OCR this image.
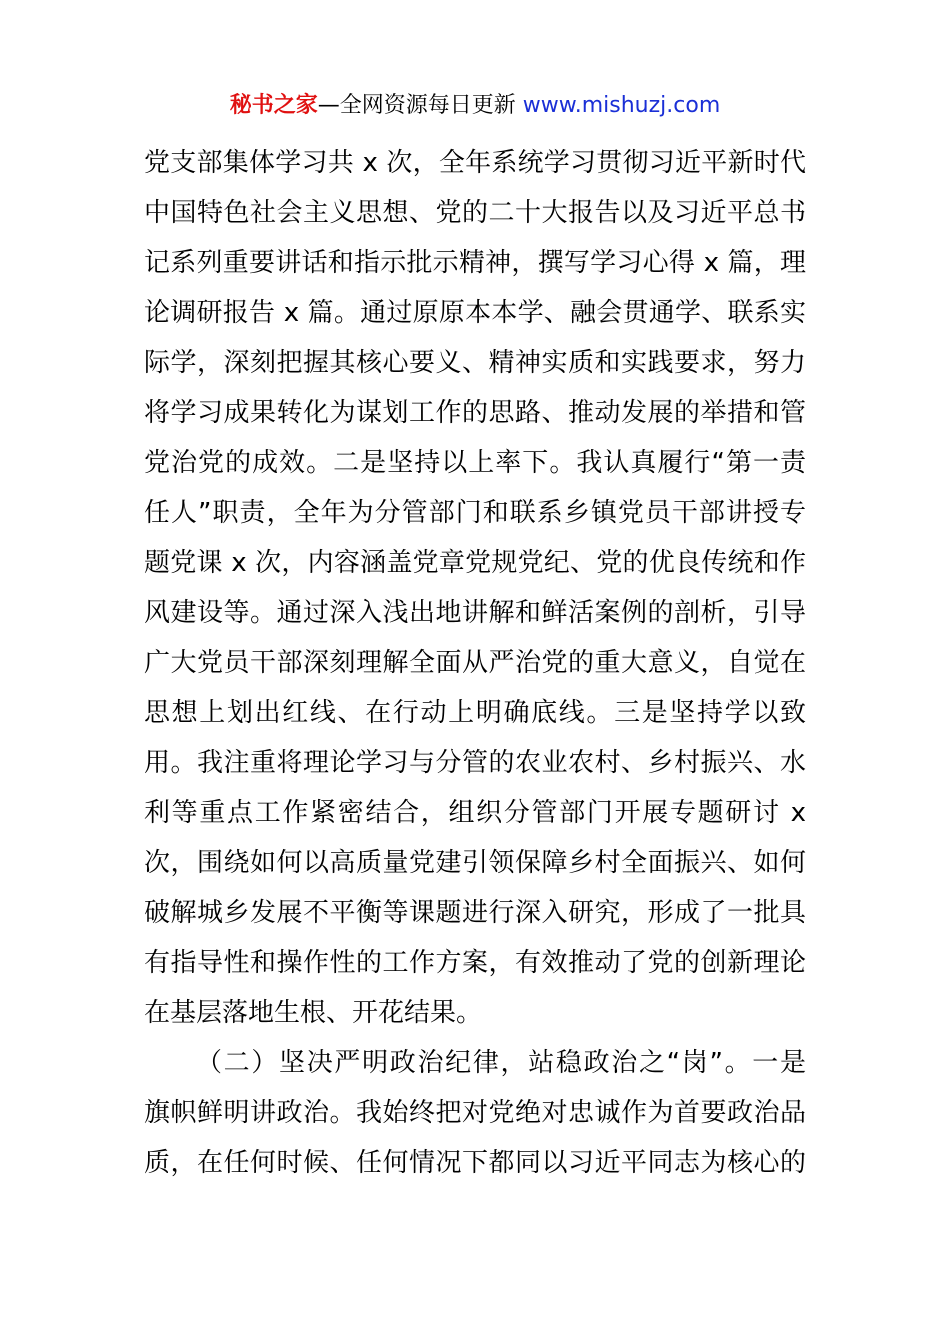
秘书之家—全网资源每日更新 www.mishuzj.com
党支部集体学习共 x 次，全年系统学习贯彻习近平新时代
中国特色社会主义思想、党的二十大报告以及习近平总书
记系列重要讲话和指示批示精神，撰写学习心得 x 篇，理
论调研报告 x 篇。通过原原本本学、融会贯通学、联系实
际学，深刻把握其核心要义、精神实质和实践要求，努力
将学习成果转化为谋划工作的思路、推动发展的举措和管
党治党的成效。二是坚持以上率下。我认真履行“第一责
任人”职责，全年为分管部门和联系乡镇党员干部讲授专
题党课 x 次，内容涵盖党章党规党纪、党的优良传统和作
风建设等。通过深入浅出地讲解和鲜活案例的剖析，引导
广大党员干部深刻理解全面从严治党的重大意义，自觉在
思想上划出红线、在行动上明确底线。三是坚持学以致
用。我注重将理论学习与分管的农业农村、乡村振兴、水
利等重点工作紧密结合，组织分管部门开展专题研讨 x
次，围绕如何以高质量党建引领保障乡村全面振兴、如何
破解城乡发展不平衡等课题进行深入研究，形成了一批具
有指导性和操作性的工作方案，有效推动了党的创新理论
在基层落地生根、开花结果。
（二）坚决严明政治纪律，站稳政治之“岗”。一是
旗帜鲜明讲政治。我始终把对党绝对忠诚作为首要政治品
质，在任何时候、任何情况下都同以习近平同志为核心的
